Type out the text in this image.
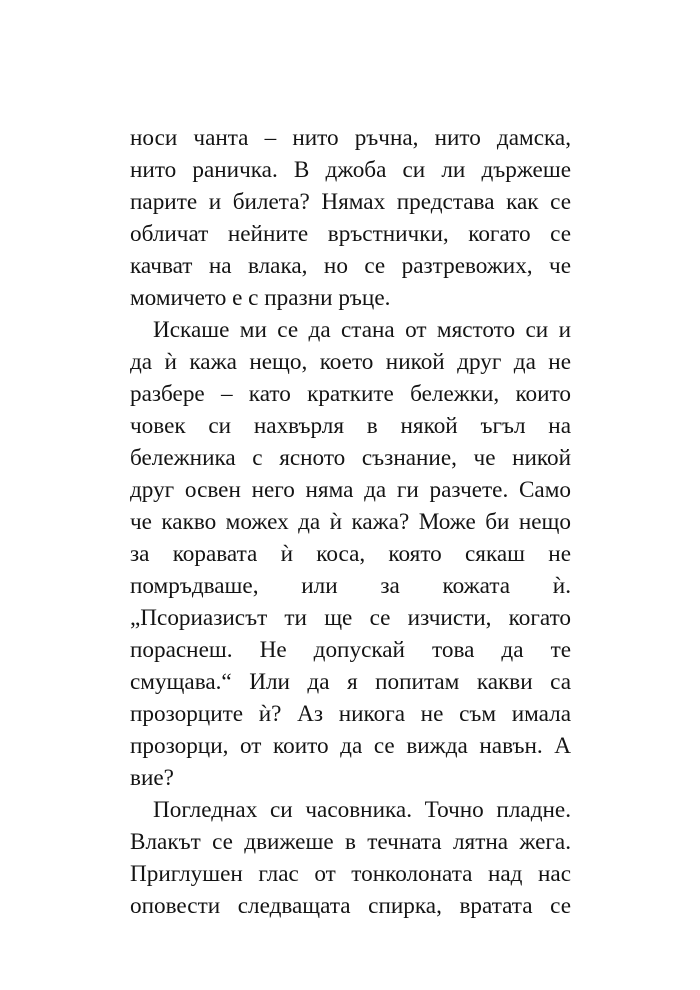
носи чанта – нито ръчна, нито дамска,
нито раничка. В джоба си ли държеше
парите и билета? Нямах представа как се
обличат нейните връстнички, когато се
качват на влака, но се разтревожих, че
момичето е с празни ръце.
Искаше ми се да стана от мястото си и
да ѝ кажа нещо, което никой друг да не
разбере – като кратките бележки, които
човек си нахвърля в някой ъгъл на
бележника с ясното съзнание, че никой
друг освен него няма да ги разчете. Само
че какво можех да ѝ кажа? Може би нещо
за коравата ѝ коса, която сякаш не
помръдваше, или за кожата ѝ.
„Псориазисът ти ще се изчисти, когато
пораснеш. Не допускай това да те
смущава.“ Или да я попитам какви са
прозорците ѝ? Аз никога не съм имала
прозорци, от които да се вижда навън. А
вие?
Погледнах си часовника. Точно пладне.
Влакът се движеше в течната лятна жега.
Приглушен глас от тонколоната над нас
оповести следващата спирка, вратата се
